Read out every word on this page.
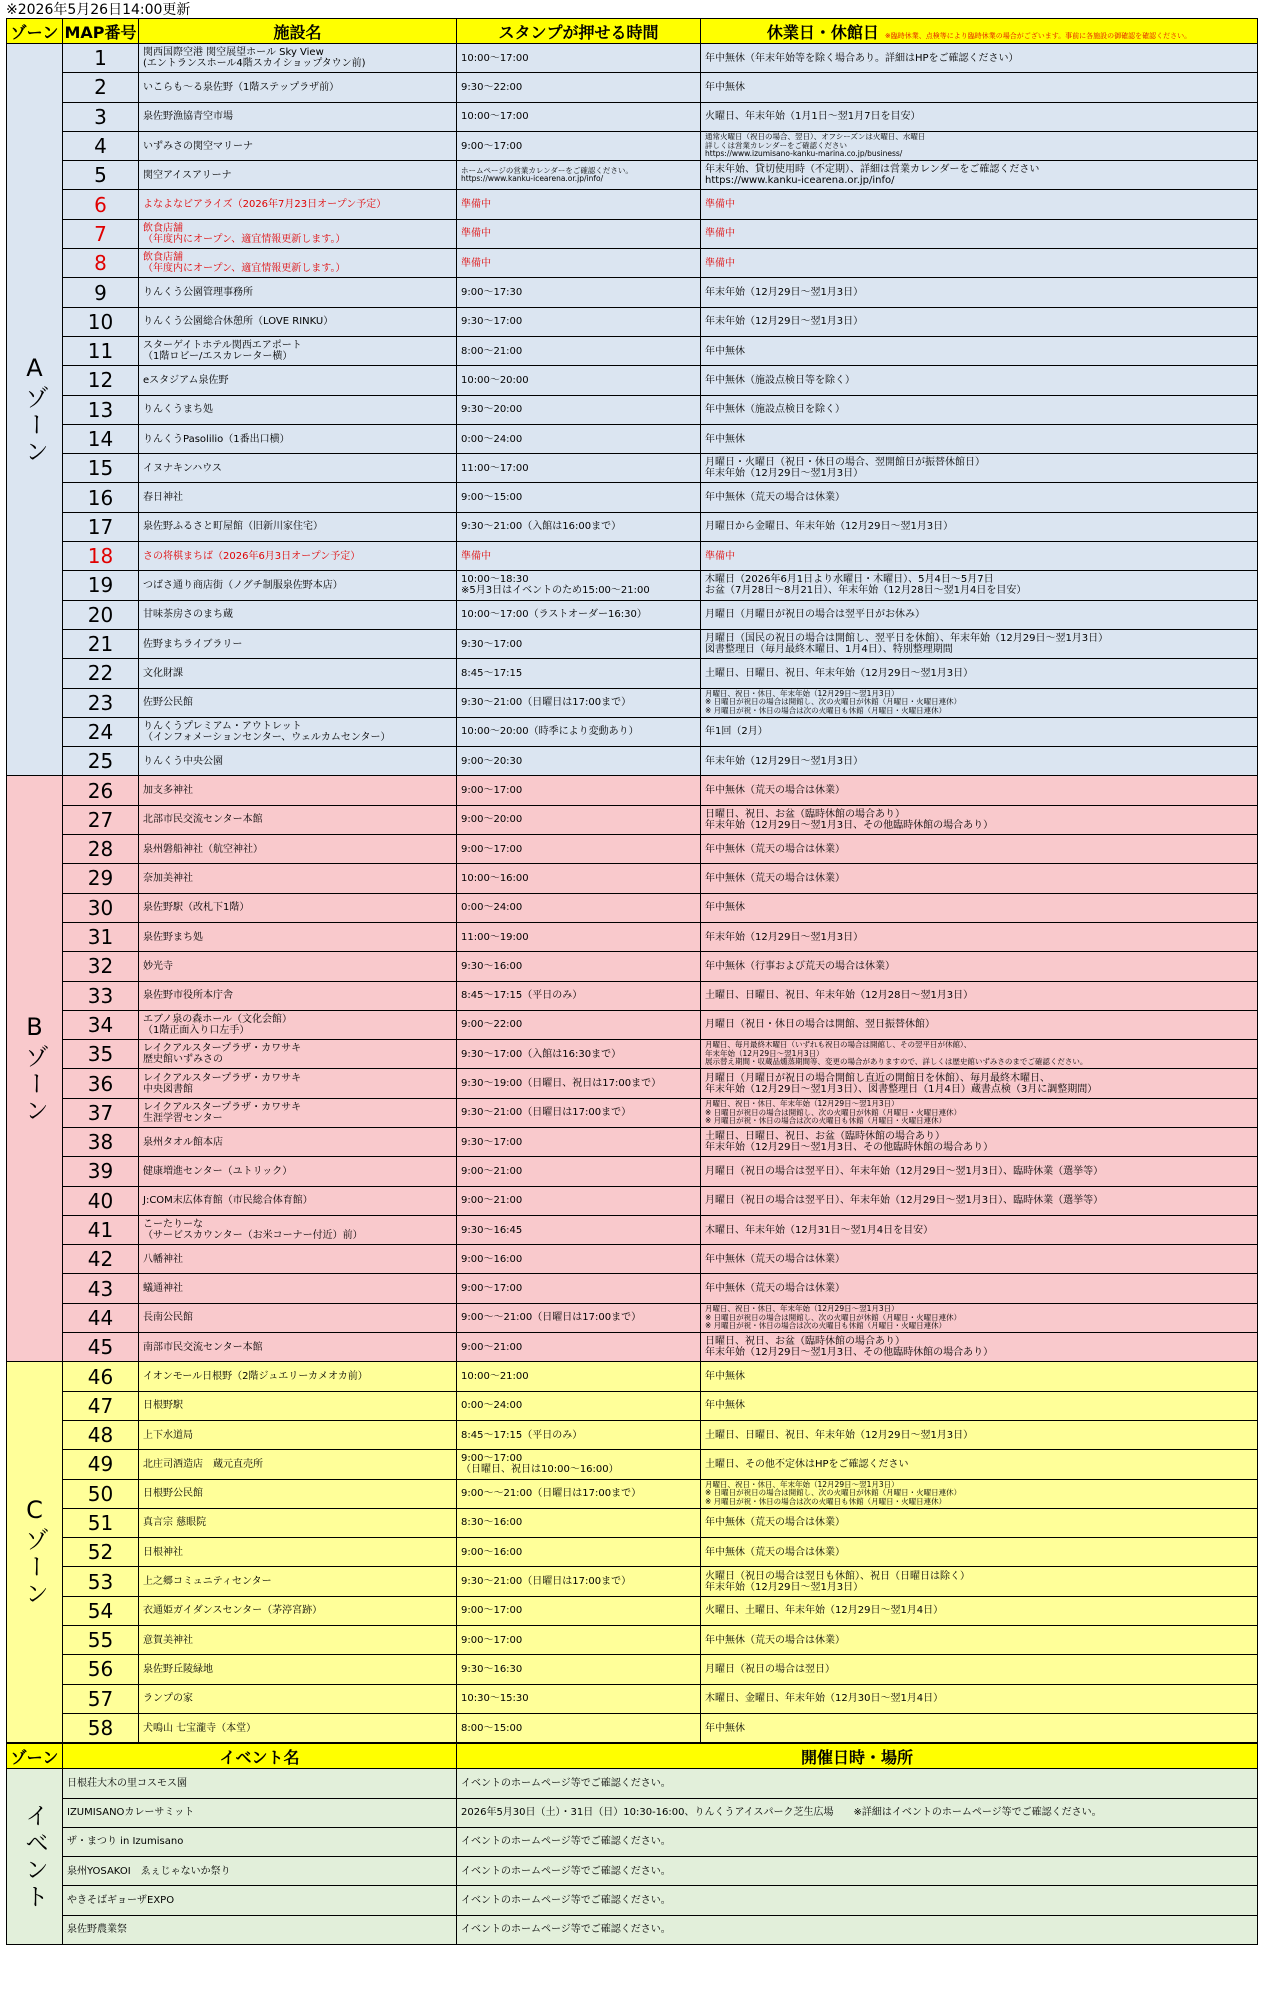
※2026年5月26日14:00更新
ゾーン	MAP番号	施設名	スタンプが押せる時間	休業日・休館日 ※臨時休業、点検等により臨時休業の場合がございます。事前に各施設の御確認を確認ください。
Aゾーン	1	関西国際空港 関空展望ホール Sky View
(エントランスホール4階スカイショップタウン前)	10:00～17:00	年中無休（年末年始等を除く場合あり。詳細はHPをご確認ください）
	2	いこらも～る泉佐野（1階ステップラザ前）	9:30～22:00	年中無休
	3	泉佐野漁協青空市場	10:00～17:00	火曜日、年末年始（1月1日～翌1月7日を目安）
	4	いずみさの関空マリーナ	9:00～17:00	通常火曜日（祝日の場合、翌日）、オフシーズンは火曜日、水曜日
詳しくは営業カレンダーをご確認ください
https://www.izumisano-kanku-marina.co.jp/business/
	5	関空アイスアリーナ	ホームページの営業カレンダーをご確認ください。
https://www.kanku-icearena.or.jp/info/	年末年始、貸切使用時（不定期）、詳細は営業カレンダーをご確認ください
https://www.kanku-icearena.or.jp/info/
	6	よなよなビアライズ（2026年7月23日オープン予定）	準備中	準備中
	7	飲食店舗
（年度内にオープン、適宜情報更新します。）	準備中	準備中
	8	飲食店舗
（年度内にオープン、適宜情報更新します。）	準備中	準備中
	9	りんくう公園管理事務所	9:00～17:30	年末年始（12月29日～翌1月3日）
	10	りんくう公園総合休憩所（LOVE RINKU）	9:30～17:00	年末年始（12月29日～翌1月3日）
	11	スターゲイトホテル関西エアポート
（1階ロビー/エスカレーター横）	8:00～21:00	年中無休
	12	eスタジアム泉佐野	10:00～20:00	年中無休（施設点検日等を除く）
	13	りんくうまち処	9:30～20:00	年中無休（施設点検日を除く）
	14	りんくうPasolilio（1番出口横）	0:00～24:00	年中無休
	15	イヌナキンハウス	11:00～17:00	月曜日・火曜日（祝日・休日の場合、翌開館日が振替休館日）
年末年始（12月29日～翌1月3日）
	16	春日神社	9:00～15:00	年中無休（荒天の場合は休業）
	17	泉佐野ふるさと町屋館（旧新川家住宅）	9:30～21:00（入館は16:00まで）	月曜日から金曜日、年末年始（12月29日～翌1月3日）
	18	さの将棋まちば（2026年6月3日オープン予定）	準備中	準備中
	19	つばさ通り商店街（ノグチ制服泉佐野本店）	10:00～18:30
※5月3日はイベントのため15:00～21:00	木曜日（2026年6月1日より水曜日・木曜日）、5月4日～5月7日
お盆（7月28日～8月21日）、年末年始（12月28日～翌1月4日を目安）
	20	甘味茶房さのまち蔵	10:00～17:00（ラストオーダー16:30）	月曜日（月曜日が祝日の場合は翌平日がお休み）
	21	佐野まちライブラリー	9:30～17:00	月曜日（国民の祝日の場合は開館し、翌平日を休館）、年末年始（12月29日～翌1月3日）
図書整理日（毎月最終木曜日、1月4日）、特別整理期間
	22	文化財課	8:45～17:15	土曜日、日曜日、祝日、年末年始（12月29日～翌1月3日）
	23	佐野公民館	9:30～21:00（日曜日は17:00まで）	月曜日、祝日・休日、年末年始（12月29日～翌1月3日）
※ 日曜日が祝日の場合は開館し、次の火曜日が休館（月曜日・火曜日連休）
※ 月曜日が祝・休日の場合は次の火曜日も休館（月曜日・火曜日連休）
	24	りんくうプレミアム・アウトレット
（インフォメーションセンター、ウェルカムセンター）	10:00～20:00（時季により変動あり）	年1回（2月）
	25	りんくう中央公園	9:00～20:30	年末年始（12月29日～翌1月3日）
Bゾーン	26	加支多神社	9:00～17:00	年中無休（荒天の場合は休業）
	27	北部市民交流センター本館	9:00～20:00	日曜日、祝日、お盆（臨時休館の場合あり）
年末年始（12月29日～翌1月3日、その他臨時休館の場合あり）
	28	泉州磐船神社（航空神社）	9:00～17:00	年中無休（荒天の場合は休業）
	29	奈加美神社	10:00～16:00	年中無休（荒天の場合は休業）
	30	泉佐野駅（改札下1階）	0:00～24:00	年中無休
	31	泉佐野まち処	11:00～19:00	年末年始（12月29日～翌1月3日）
	32	妙光寺	9:30～16:00	年中無休（行事および荒天の場合は休業）
	33	泉佐野市役所本庁舎	8:45～17:15（平日のみ）	土曜日、日曜日、祝日、年末年始（12月28日～翌1月3日）
	34	エブノ泉の森ホール（文化会館）
（1階正面入り口左手）	9:00～22:00	月曜日（祝日・休日の場合は開館、翌日振替休館）
	35	レイクアルスタープラザ・カワサキ
歴史館いずみさの	9:30～17:00（入館は16:30まで）	月曜日、毎月最終木曜日（いずれも祝日の場合は開館し、その翌平日が休館）、
年末年始（12月29日～翌1月3日）
展示替え期間・収蔵品燻蒸期間等、変更の場合がありますので、詳しくは歴史館いずみさのまでご確認ください。
	36	レイクアルスタープラザ・カワサキ
中央図書館	9:30～19:00（日曜日、祝日は17:00まで）	月曜日（月曜日が祝日の場合開館し直近の開館日を休館）、毎月最終木曜日、
年末年始（12月29日～翌1月3日）、図書整理日（1月4日）蔵書点検（3月に調整期間）
	37	レイクアルスタープラザ・カワサキ
生涯学習センター	9:30～21:00（日曜日は17:00まで）	月曜日、祝日・休日、年末年始（12月29日～翌1月3日）
※ 日曜日が祝日の場合は開館し、次の火曜日が休館（月曜日・火曜日連休）
※ 月曜日が祝・休日の場合は次の火曜日も休館（月曜日・火曜日連休）
	38	泉州タオル館本店	9:30～17:00	土曜日、日曜日、祝日、お盆（臨時休館の場合あり）
年末年始（12月29日～翌1月3日、その他臨時休館の場合あり）
	39	健康増進センター（ユトリック）	9:00～21:00	月曜日（祝日の場合は翌平日）、年末年始（12月29日～翌1月3日）、臨時休業（選挙等）
	40	J:COM末広体育館（市民総合体育館）	9:00～21:00	月曜日（祝日の場合は翌平日）、年末年始（12月29日～翌1月3日）、臨時休業（選挙等）
	41	こーたりーな
（サービスカウンター（お米コーナー付近）前）	9:30～16:45	木曜日、年末年始（12月31日～翌1月4日を目安）
	42	八幡神社	9:00～16:00	年中無休（荒天の場合は休業）
	43	蟻通神社	9:00～17:00	年中無休（荒天の場合は休業）
	44	長南公民館	9:00～～21:00（日曜日は17:00まで）	月曜日、祝日・休日、年末年始（12月29日～翌1月3日）
※ 日曜日が祝日の場合は開館し、次の火曜日が休館（月曜日・火曜日連休）
※ 月曜日が祝・休日の場合は次の火曜日も休館（月曜日・火曜日連休）
	45	南部市民交流センター本館	9:00～21:00	日曜日、祝日、お盆（臨時休館の場合あり）
年末年始（12月29日～翌1月3日、その他臨時休館の場合あり）
Cゾーン	46	イオンモール日根野（2階ジュエリーカメオカ前）	10:00～21:00	年中無休
	47	日根野駅	0:00～24:00	年中無休
	48	上下水道局	8:45～17:15（平日のみ）	土曜日、日曜日、祝日、年末年始（12月29日～翌1月3日）
	49	北庄司酒造店　蔵元直売所	9:00～17:00
（日曜日、祝日は10:00～16:00）	土曜日、その他不定休はHPをご確認ください
	50	日根野公民館	9:00～～21:00（日曜日は17:00まで）	月曜日、祝日・休日、年末年始（12月29日～翌1月3日）
※ 日曜日が祝日の場合は開館し、次の火曜日が休館（月曜日・火曜日連休）
※ 月曜日が祝・休日の場合は次の火曜日も休館（月曜日・火曜日連休）
	51	真言宗 慈眼院	8:30～16:00	年中無休（荒天の場合は休業）
	52	日根神社	9:00～16:00	年中無休（荒天の場合は休業）
	53	上之郷コミュニティセンター	9:30～21:00（日曜日は17:00まで）	火曜日（祝日の場合は翌日も休館）、祝日（日曜日は除く）
年末年始（12月29日～翌1月3日）
	54	衣通姫ガイダンスセンター（茅渟宮跡）	9:00～17:00	火曜日、土曜日、年末年始（12月29日～翌1月4日）
	55	意賀美神社	9:00～17:00	年中無休（荒天の場合は休業）
	56	泉佐野丘陵緑地	9:30～16:30	月曜日（祝日の場合は翌日）
	57	ランプの家	10:30～15:30	木曜日、金曜日、年末年始（12月30日～翌1月4日）
	58	犬鳴山 七宝瀧寺（本堂）	8:00～15:00	年中無休
ゾーン	イベント名	開催日時・場所
イベント	日根荘大木の里コスモス園	イベントのホームページ等でご確認ください。
	IZUMISANOカレーサミット	2026年5月30日（土）・31日（日）10:30-16:00、りんくうアイスパーク芝生広場　　※詳細はイベントのホームページ等でご確認ください。
	ザ・まつり in Izumisano	イベントのホームページ等でご確認ください。
	泉州YOSAKOI　ゑぇじゃないか祭り	イベントのホームページ等でご確認ください。
	やきそばギョーザEXPO	イベントのホームページ等でご確認ください。
	泉佐野農業祭	イベントのホームページ等でご確認ください。
